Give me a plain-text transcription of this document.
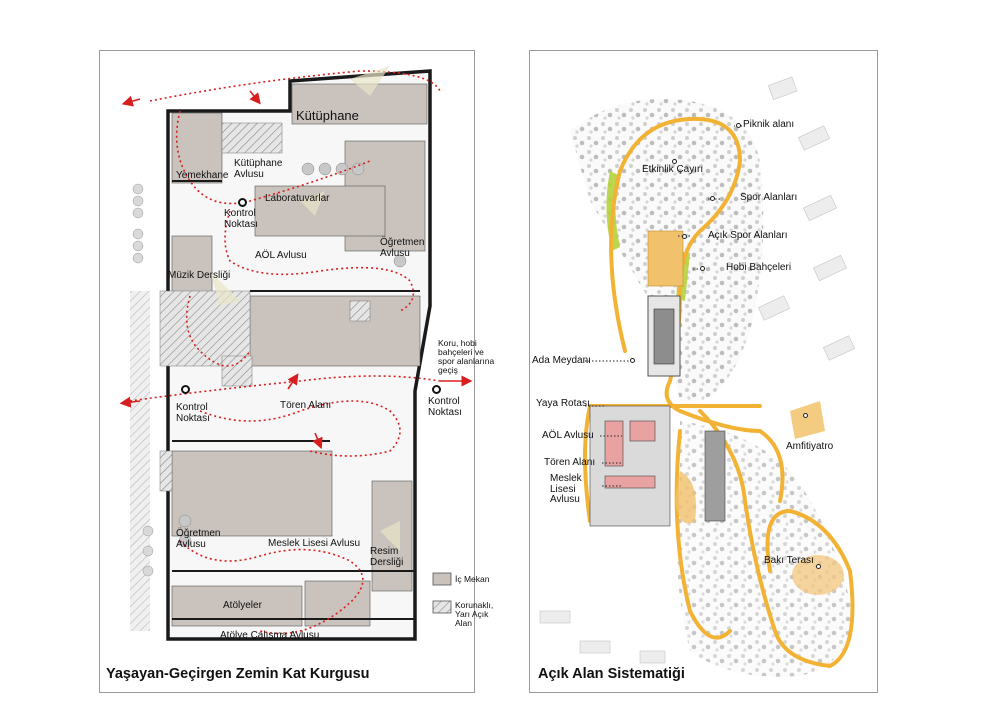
Kütüphane
Kütüphane
Avlusu
Yemekhane
Laboratuvarlar
Kontrol
Noktası
Öğretmen
Avlusu
AÖL Avlusu
Müzik Dersliği
Koru, hobi
bahçeleri ve
spor alanlarına
geçiş
Kontrol
Noktası
Kontrol
Noktası
Tören Alanı
Öğretmen
Avlusu	Meslek Lisesi Avlusu
Resim
Dersliği
Atölyeler
Atölye Çalışma Avlusu
İç Mekan
Korunaklı,
Yarı Açık
Alan
Yaşayan-Geçirgen Zemin Kat Kurgusu
Piknik alanı
Etkinlik Çayırı
Spor Alanları
Açık Spor Alanları
Hobi Bahçeleri
Ada Meydanı
Yaya Rotası
AÖL Avlusu
Tören Alanı
Meslek
Lisesi
Avlusu
Amfitiyatro
Bakı Terası
Açık Alan Sistematiği
